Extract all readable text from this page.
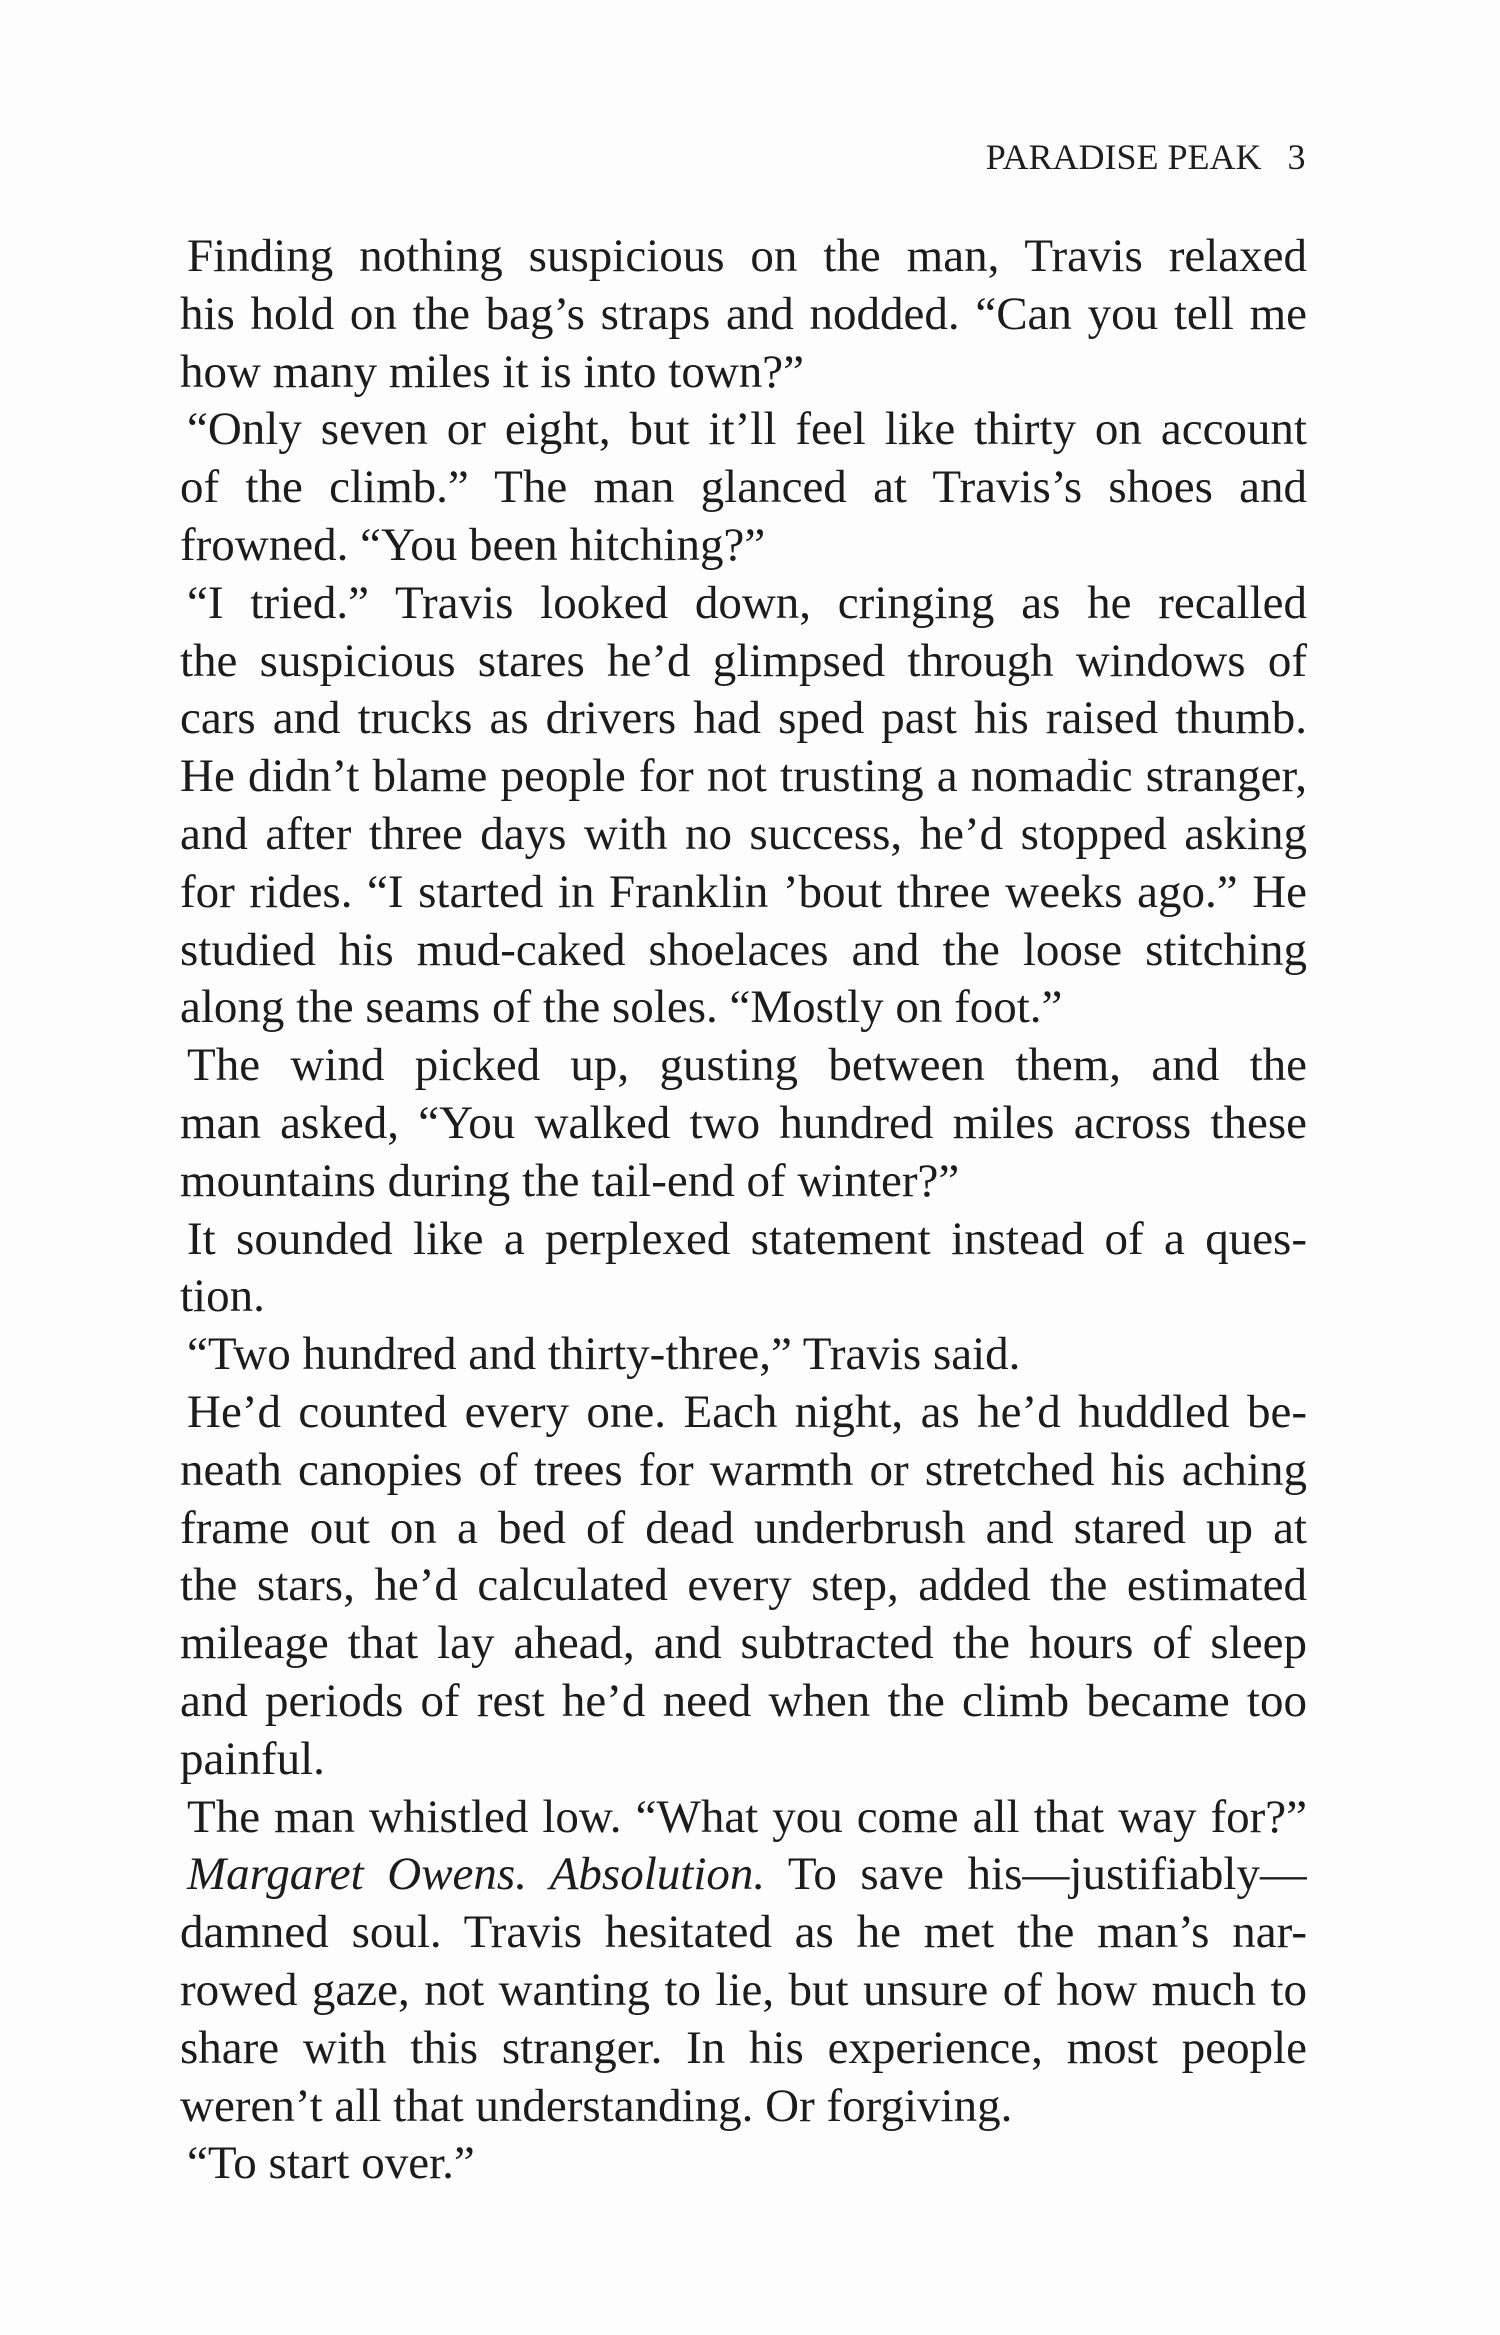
PARADISE PEAK 3
Finding nothing suspicious on the man, Travis relaxed
his hold on the bag’s straps and nodded. “Can you tell me
how many miles it is into town?”
“Only seven or eight, but it’ll feel like thirty on account
of the climb.” The man glanced at Travis’s shoes and
frowned. “You been hitching?”
“I tried.” Travis looked down, cringing as he recalled
the suspicious stares he’d glimpsed through windows of
cars and trucks as drivers had sped past his raised thumb.
He didn’t blame people for not trusting a nomadic stranger,
and after three days with no success, he’d stopped asking
for rides. “I started in Franklin ’bout three weeks ago.” He
studied his mud-caked shoelaces and the loose stitching
along the seams of the soles. “Mostly on foot.”
The wind picked up, gusting between them, and the
man asked, “You walked two hundred miles across these
mountains during the tail-end of winter?”
It sounded like a perplexed statement instead of a ques-
tion.
“Two hundred and thirty-three,” Travis said.
He’d counted every one. Each night, as he’d huddled be-
neath canopies of trees for warmth or stretched his aching
frame out on a bed of dead underbrush and stared up at
the stars, he’d calculated every step, added the estimated
mileage that lay ahead, and subtracted the hours of sleep
and periods of rest he’d need when the climb became too
painful.
The man whistled low. “What you come all that way for?”
Margaret Owens. Absolution. To save his—justifiably—
damned soul. Travis hesitated as he met the man’s nar-
rowed gaze, not wanting to lie, but unsure of how much to
share with this stranger. In his experience, most people
weren’t all that understanding. Or forgiving.
“To start over.”
